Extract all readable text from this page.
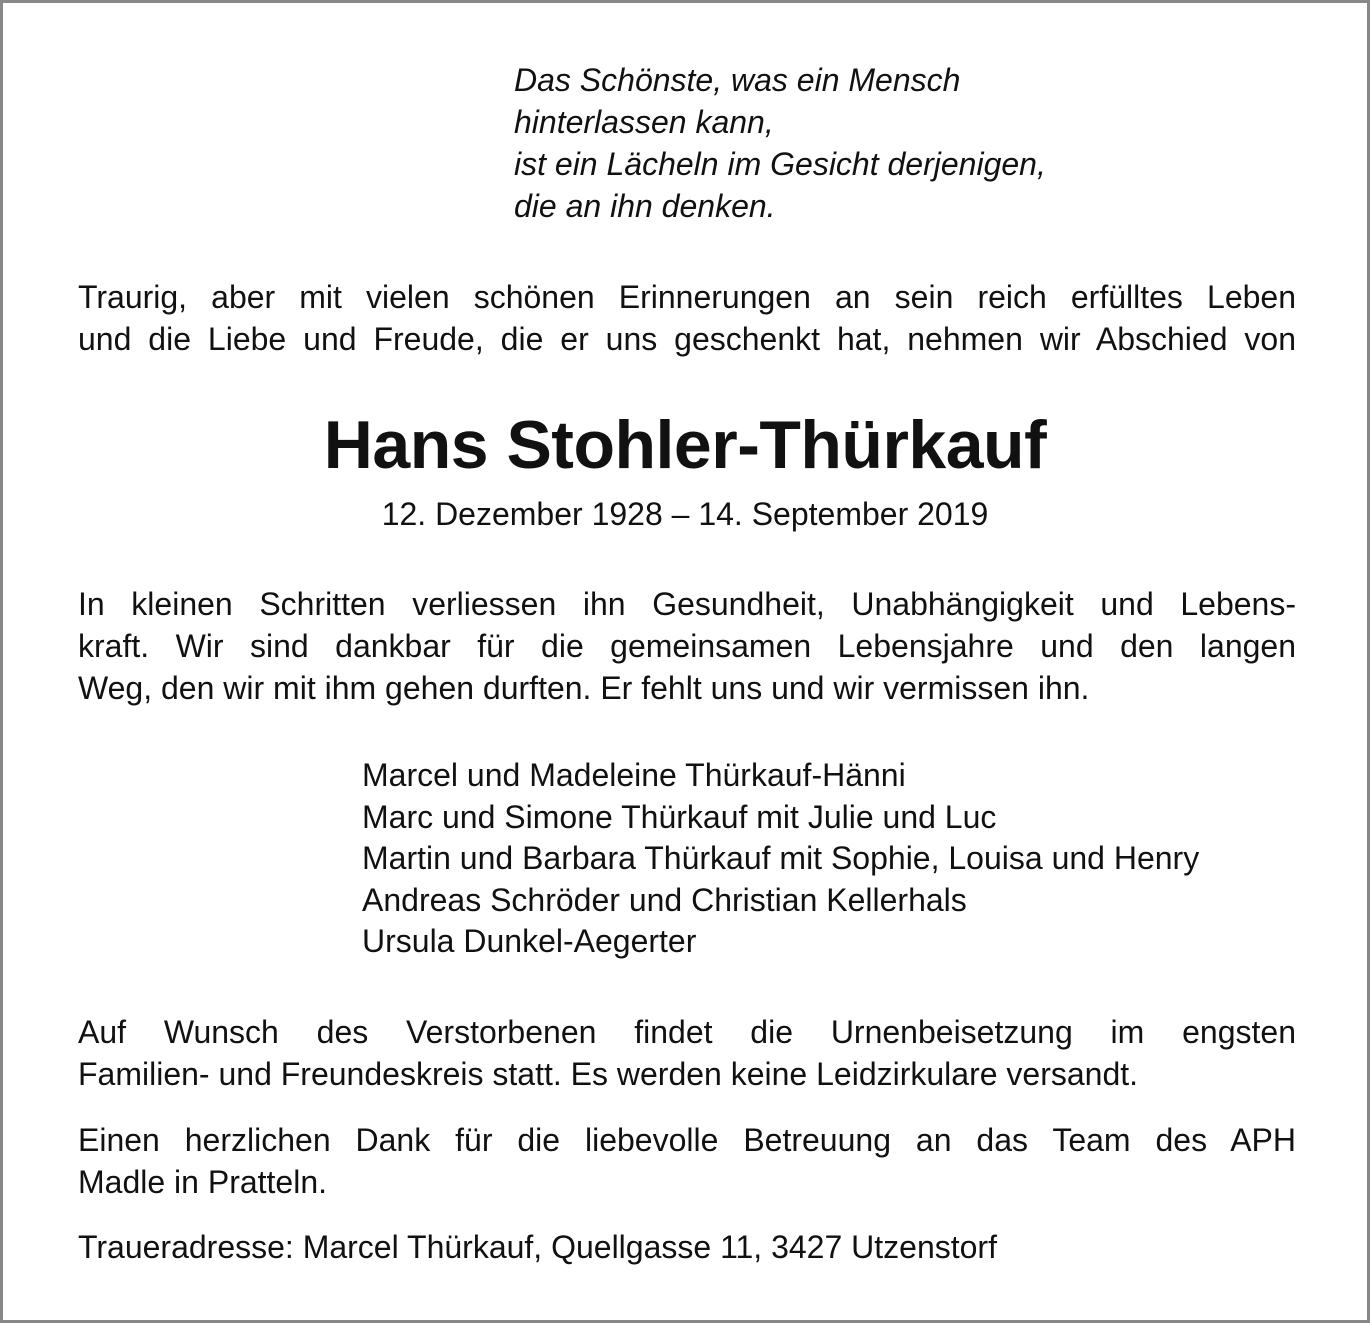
Das Schönste, was ein Mensch
hinterlassen kann,
ist ein Lächeln im Gesicht derjenigen,
die an ihn denken.
Traurig, aber mit vielen schönen Erinnerungen an sein reich erfülltes Leben
und die Liebe und Freude, die er uns geschenkt hat, nehmen wir Abschied von
Hans Stohler-Thürkauf
12. Dezember 1928 – 14. September 2019
In kleinen Schritten verliessen ihn Gesundheit, Unabhängigkeit und Lebens-
kraft. Wir sind dankbar für die gemeinsamen Lebensjahre und den langen
Weg, den wir mit ihm gehen durften. Er fehlt uns und wir vermissen ihn.
Marcel und Madeleine Thürkauf-Hänni
Marc und Simone Thürkauf mit Julie und Luc
Martin und Barbara Thürkauf mit Sophie, Louisa und Henry
Andreas Schröder und Christian Kellerhals
Ursula Dunkel-Aegerter
Auf Wunsch des Verstorbenen findet die Urnenbeisetzung im engsten
Familien- und Freundeskreis statt. Es werden keine Leidzirkulare versandt.
Einen herzlichen Dank für die liebevolle Betreuung an das Team des APH
Madle in Pratteln.
Traueradresse: Marcel Thürkauf, Quellgasse 11, 3427 Utzenstorf
